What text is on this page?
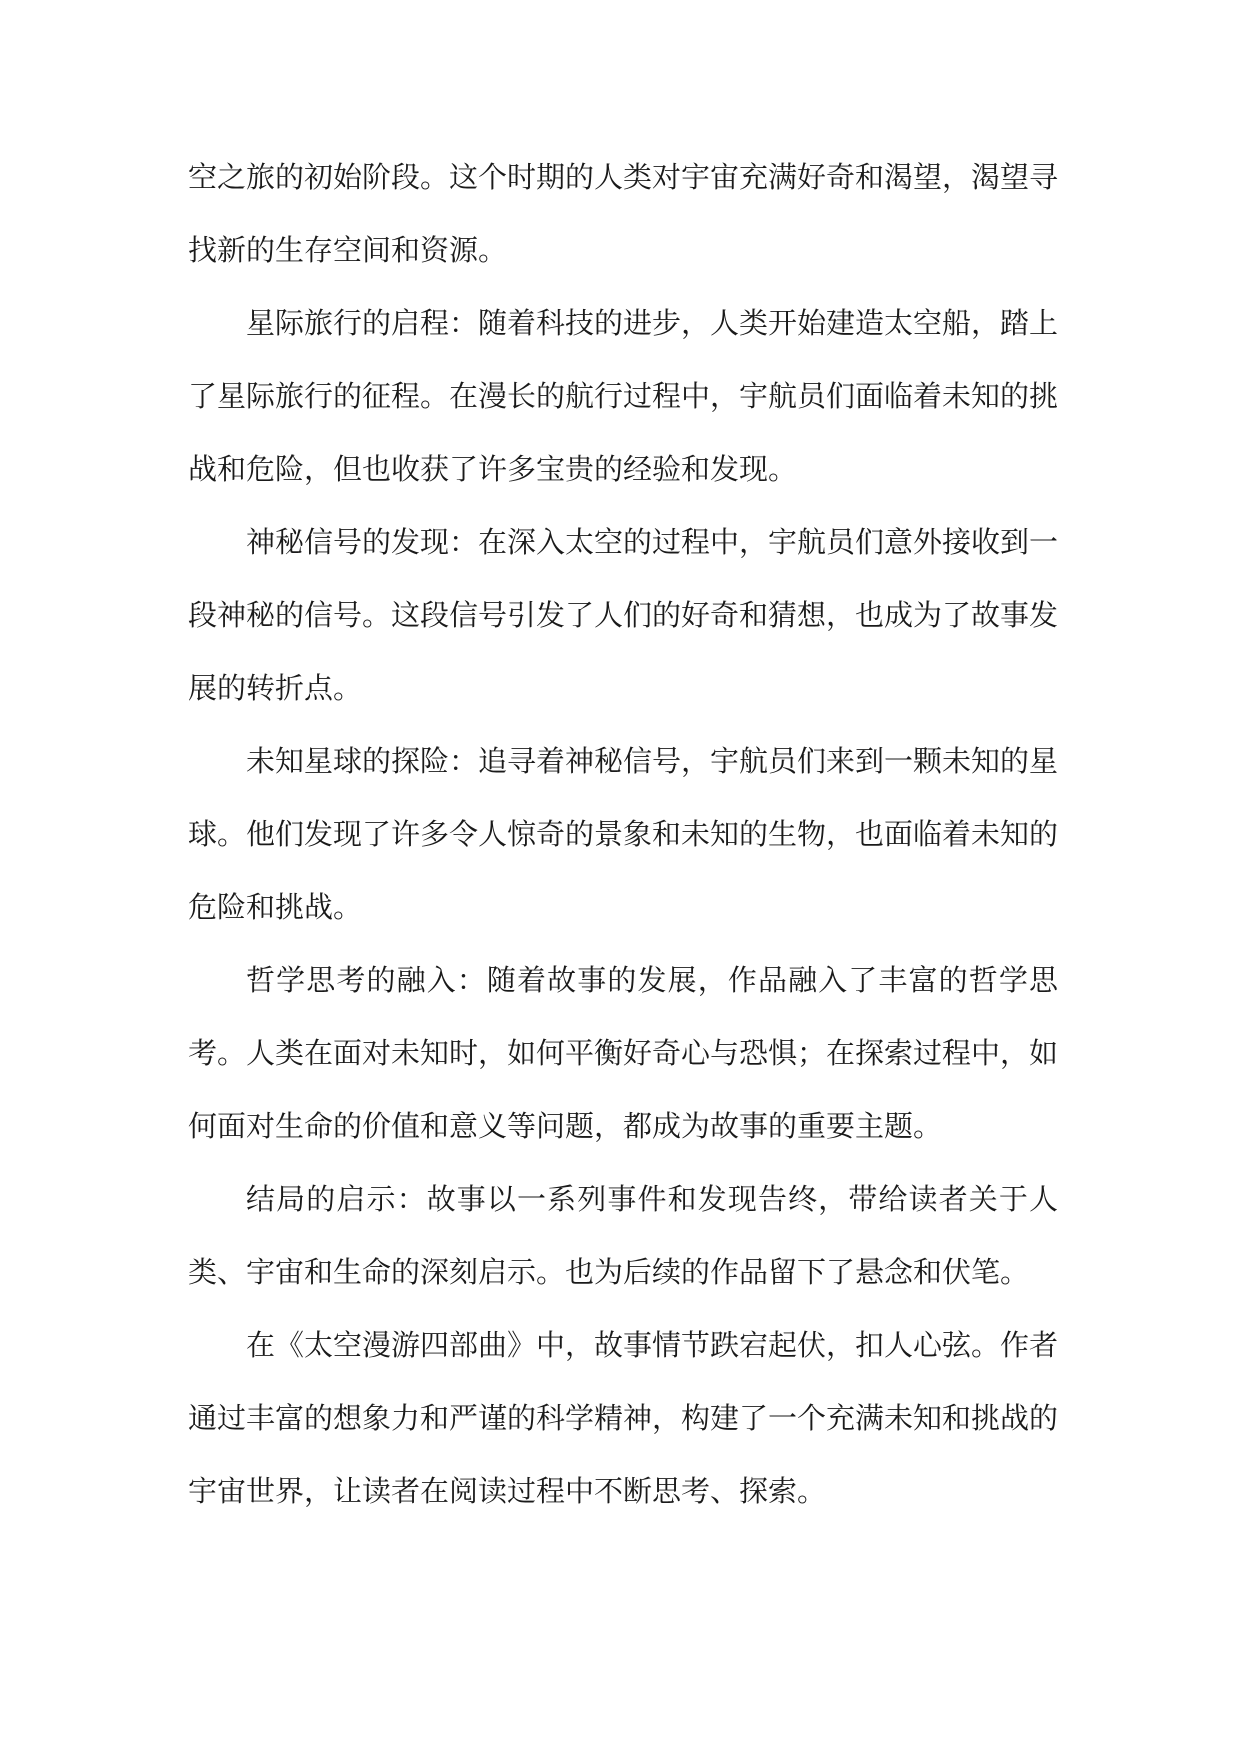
空之旅的初始阶段。这个时期的人类对宇宙充满好奇和渴望，渴望寻找新的生存空间和资源。

星际旅行的启程：随着科技的进步，人类开始建造太空船，踏上了星际旅行的征程。在漫长的航行过程中，宇航员们面临着未知的挑战和危险，但也收获了许多宝贵的经验和发现。

神秘信号的发现：在深入太空的过程中，宇航员们意外接收到一段神秘的信号。这段信号引发了人们的好奇和猜想，也成为了故事发展的转折点。

未知星球的探险：追寻着神秘信号，宇航员们来到一颗未知的星球。他们发现了许多令人惊奇的景象和未知的生物，也面临着未知的危险和挑战。

哲学思考的融入：随着故事的发展，作品融入了丰富的哲学思考。人类在面对未知时，如何平衡好奇心与恐惧；在探索过程中，如何面对生命的价值和意义等问题，都成为故事的重要主题。

结局的启示：故事以一系列事件和发现告终，带给读者关于人类、宇宙和生命的深刻启示。也为后续的作品留下了悬念和伏笔。

在《太空漫游四部曲》中，故事情节跌宕起伏，扣人心弦。作者通过丰富的想象力和严谨的科学精神，构建了一个充满未知和挑战的宇宙世界，让读者在阅读过程中不断思考、探索。
